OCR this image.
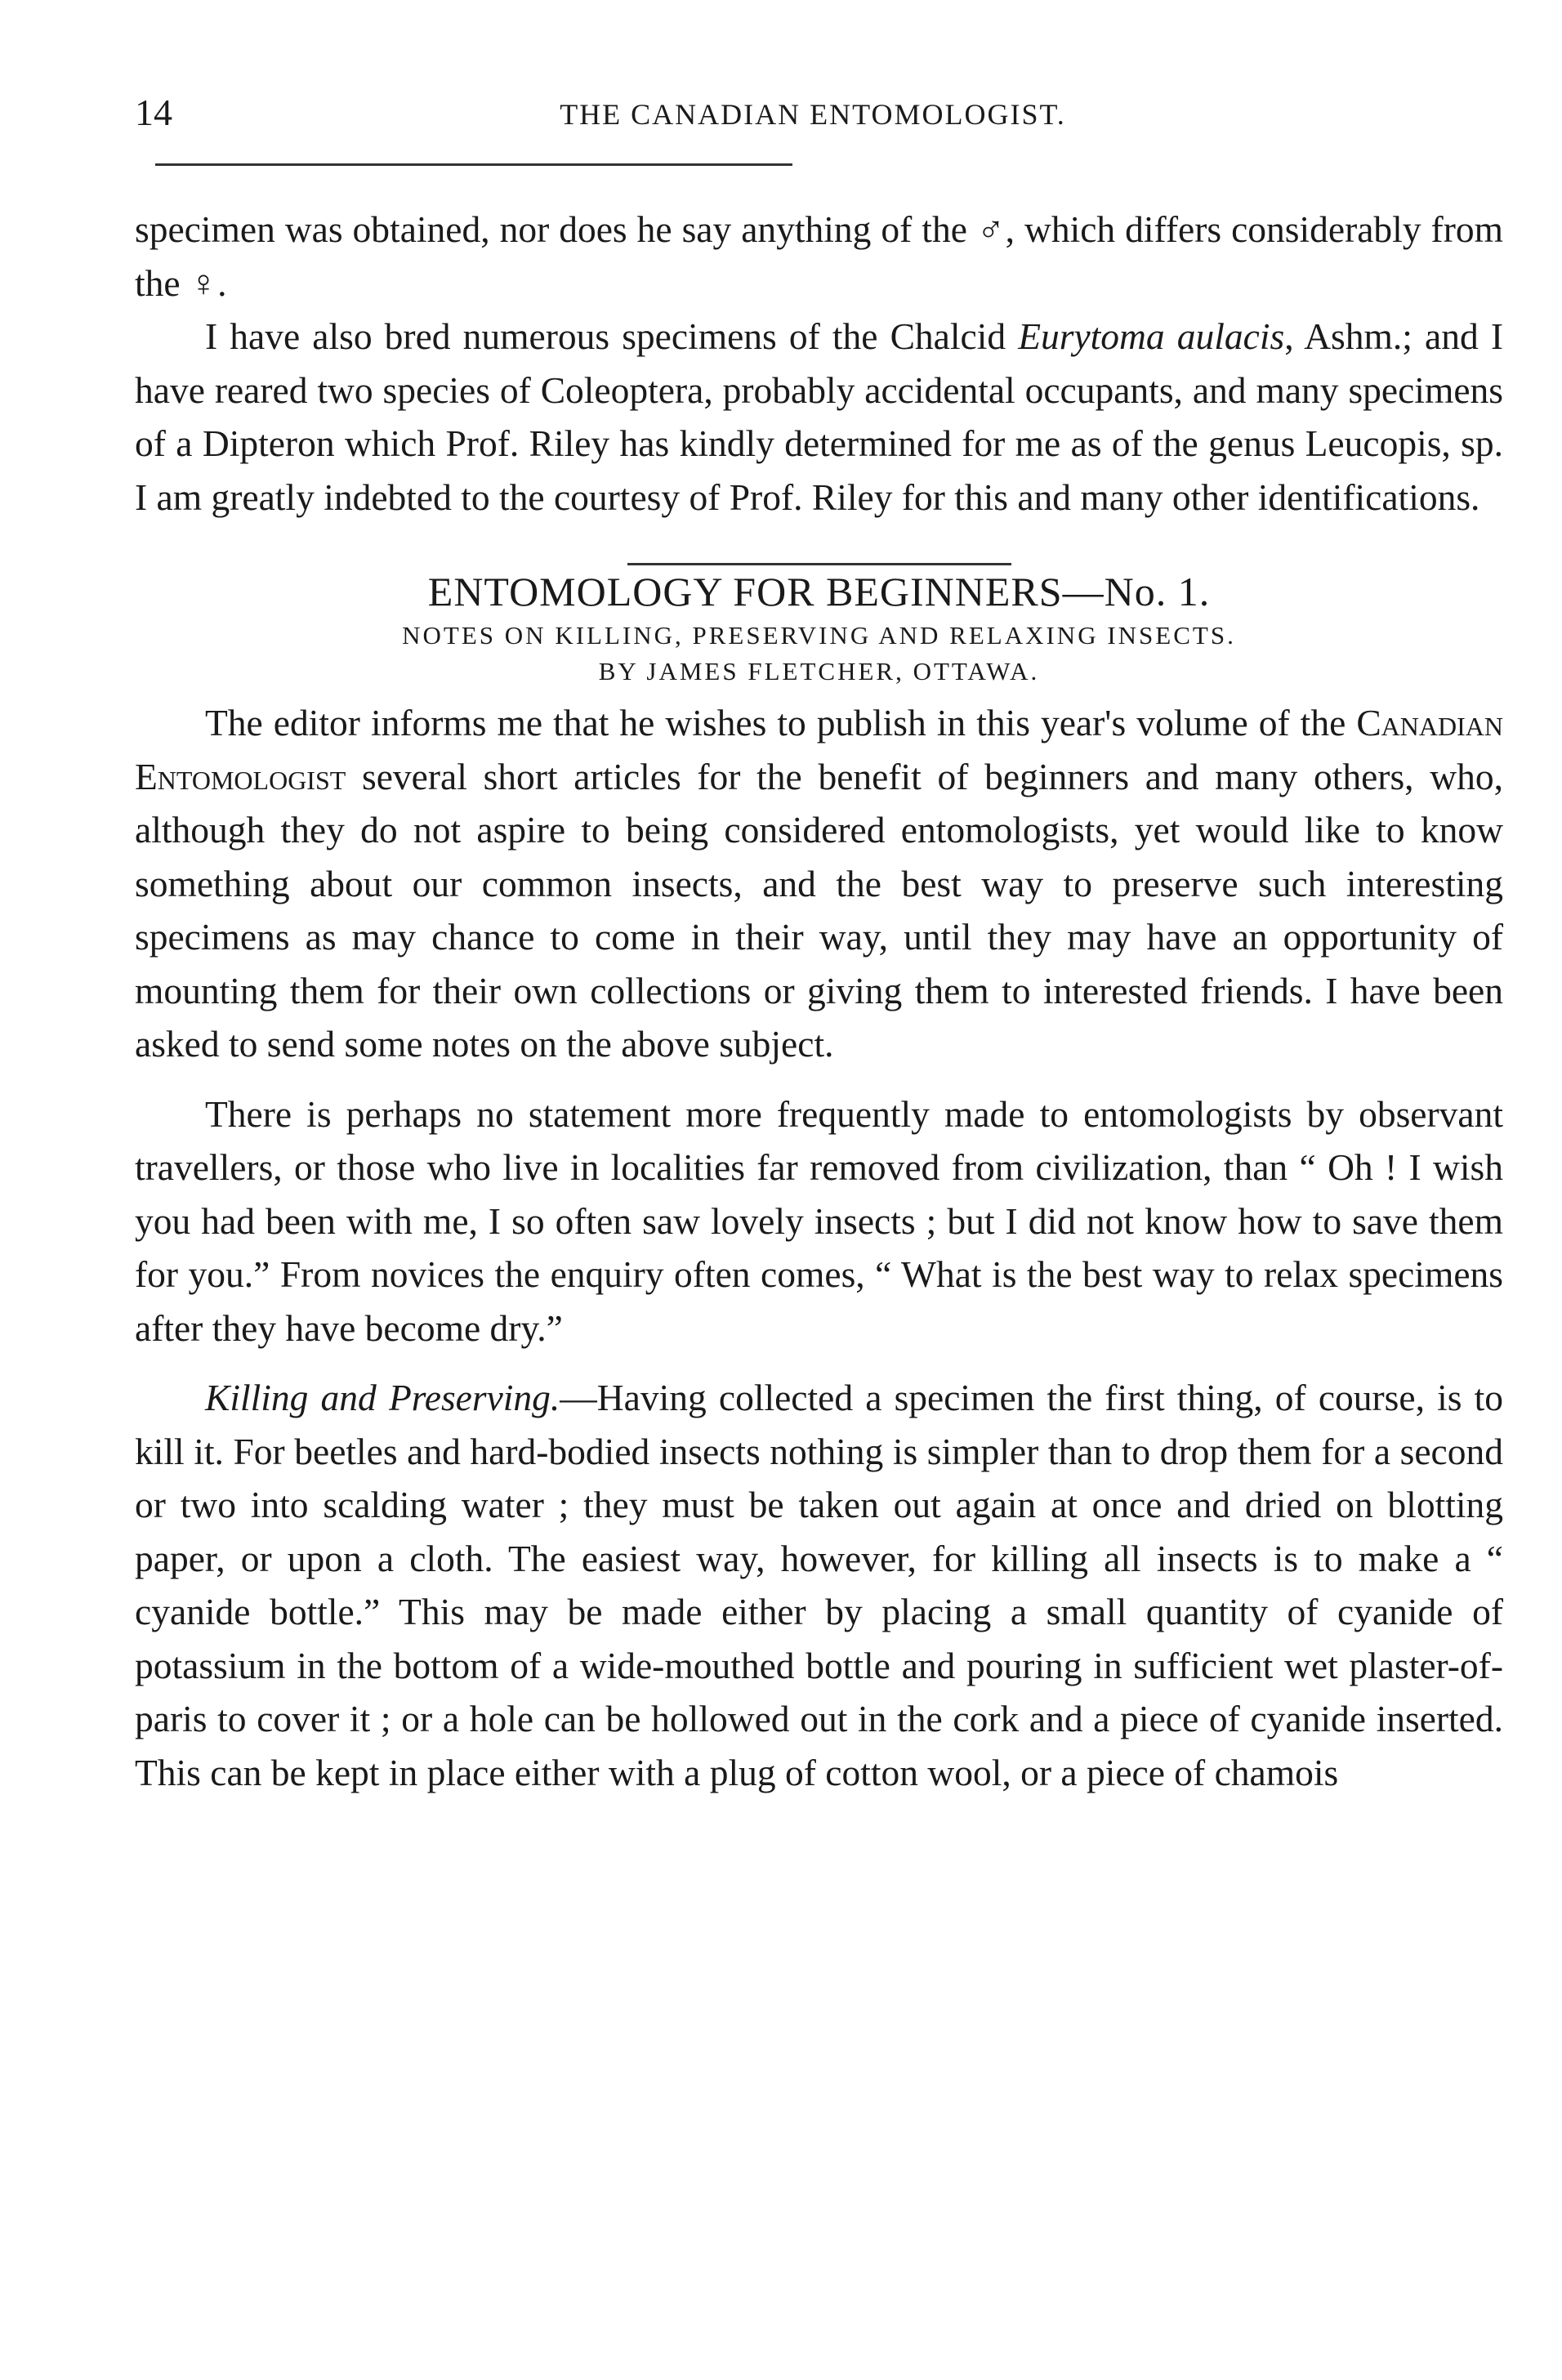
14	THE CANADIAN ENTOMOLOGIST.

specimen was obtained, nor does he say anything of the ♂, which differs considerably from the ♀.

I have also bred numerous specimens of the Chalcid Eurytoma aulacis, Ashm.; and I have reared two species of Coleoptera, probably accidental occupants, and many specimens of a Dipteron which Prof. Riley has kindly determined for me as of the genus Leucopis, sp. I am greatly indebted to the courtesy of Prof. Riley for this and many other identifications.

ENTOMOLOGY FOR BEGINNERS—No. 1.

NOTES ON KILLING, PRESERVING AND RELAXING INSECTS.

BY JAMES FLETCHER, OTTAWA.

The editor informs me that he wishes to publish in this year's volume of the Canadian Entomologist several short articles for the benefit of beginners and many others, who, although they do not aspire to being considered entomologists, yet would like to know something about our common insects, and the best way to preserve such interesting specimens as may chance to come in their way, until they may have an opportunity of mounting them for their own collections or giving them to interested friends. I have been asked to send some notes on the above subject.

There is perhaps no statement more frequently made to entomologists by observant travellers, or those who live in localities far removed from civilization, than “ Oh ! I wish you had been with me, I so often saw lovely insects ; but I did not know how to save them for you.” From novices the enquiry often comes, “ What is the best way to relax specimens after they have become dry.”

Killing and Preserving.—Having collected a specimen the first thing, of course, is to kill it. For beetles and hard-bodied insects nothing is simpler than to drop them for a second or two into scalding water ; they must be taken out again at once and dried on blotting paper, or upon a cloth. The easiest way, however, for killing all insects is to make a “ cyanide bottle.” This may be made either by placing a small quantity of cyanide of potassium in the bottom of a wide-mouthed bottle and pouring in sufficient wet plaster-of-paris to cover it ; or a hole can be hollowed out in the cork and a piece of cyanide inserted. This can be kept in place either with a plug of cotton wool, or a piece of chamois
